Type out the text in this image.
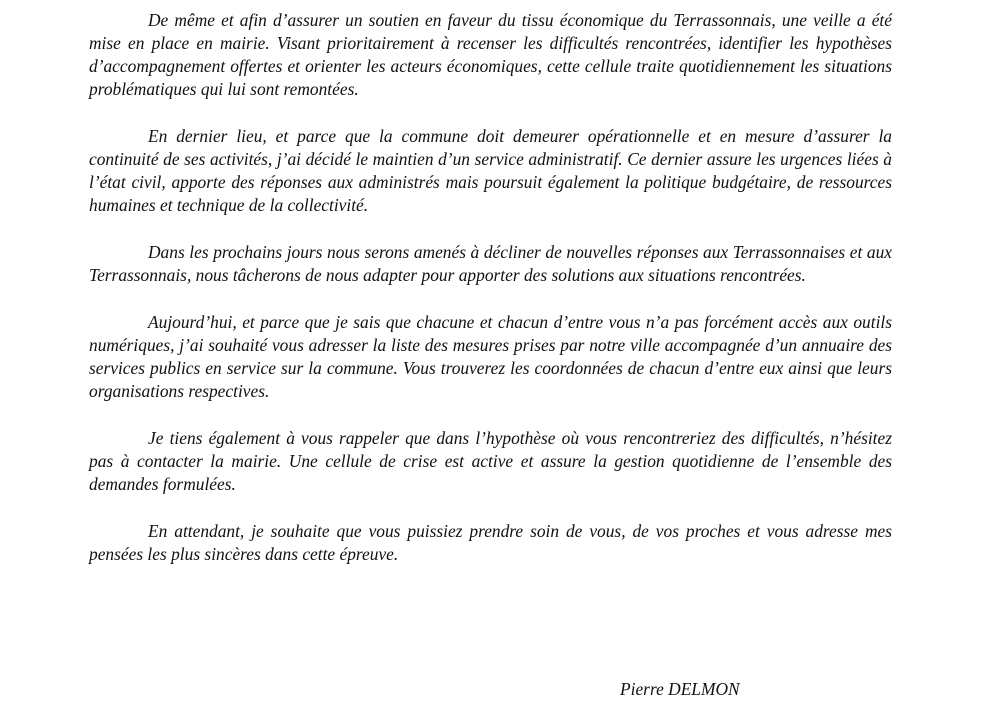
De même et afin d’assurer un soutien en faveur du tissu économique du Terrassonnais, une veille a été mise en place en mairie. Visant prioritairement à recenser les difficultés rencontrées, identifier les hypothèses d’accompagnement offertes et orienter les acteurs économiques, cette cellule traite quotidiennement les situations problématiques qui lui sont remontées.

En dernier lieu, et parce que la commune doit demeurer opérationnelle et en mesure d’assurer la continuité de ses activités, j’ai décidé le maintien d’un service administratif. Ce dernier assure les urgences liées à l’état civil, apporte des réponses aux administrés mais poursuit également la politique budgétaire, de ressources humaines et technique de la collectivité.

Dans les prochains jours nous serons amenés à décliner de nouvelles réponses aux Terrassonnaises et aux Terrassonnais, nous tâcherons de nous adapter pour apporter des solutions aux situations rencontrées.

Aujourd’hui, et parce que je sais que chacune et chacun d’entre vous n’a pas forcément accès aux outils numériques, j’ai souhaité vous adresser la liste des mesures prises par notre ville accompagnée d’un annuaire des services publics en service sur la commune. Vous trouverez les coordonnées de chacun d’entre eux ainsi que leurs organisations respectives.

Je tiens également à vous rappeler que dans l’hypothèse où vous rencontreriez des difficultés, n’hésitez pas à contacter la mairie. Une cellule de crise est active et assure la gestion quotidienne de l’ensemble des demandes formulées.

En attendant, je souhaite que vous puissiez prendre soin de vous, de vos proches et vous adresse mes pensées les plus sincères dans cette épreuve.

Pierre DELMON
